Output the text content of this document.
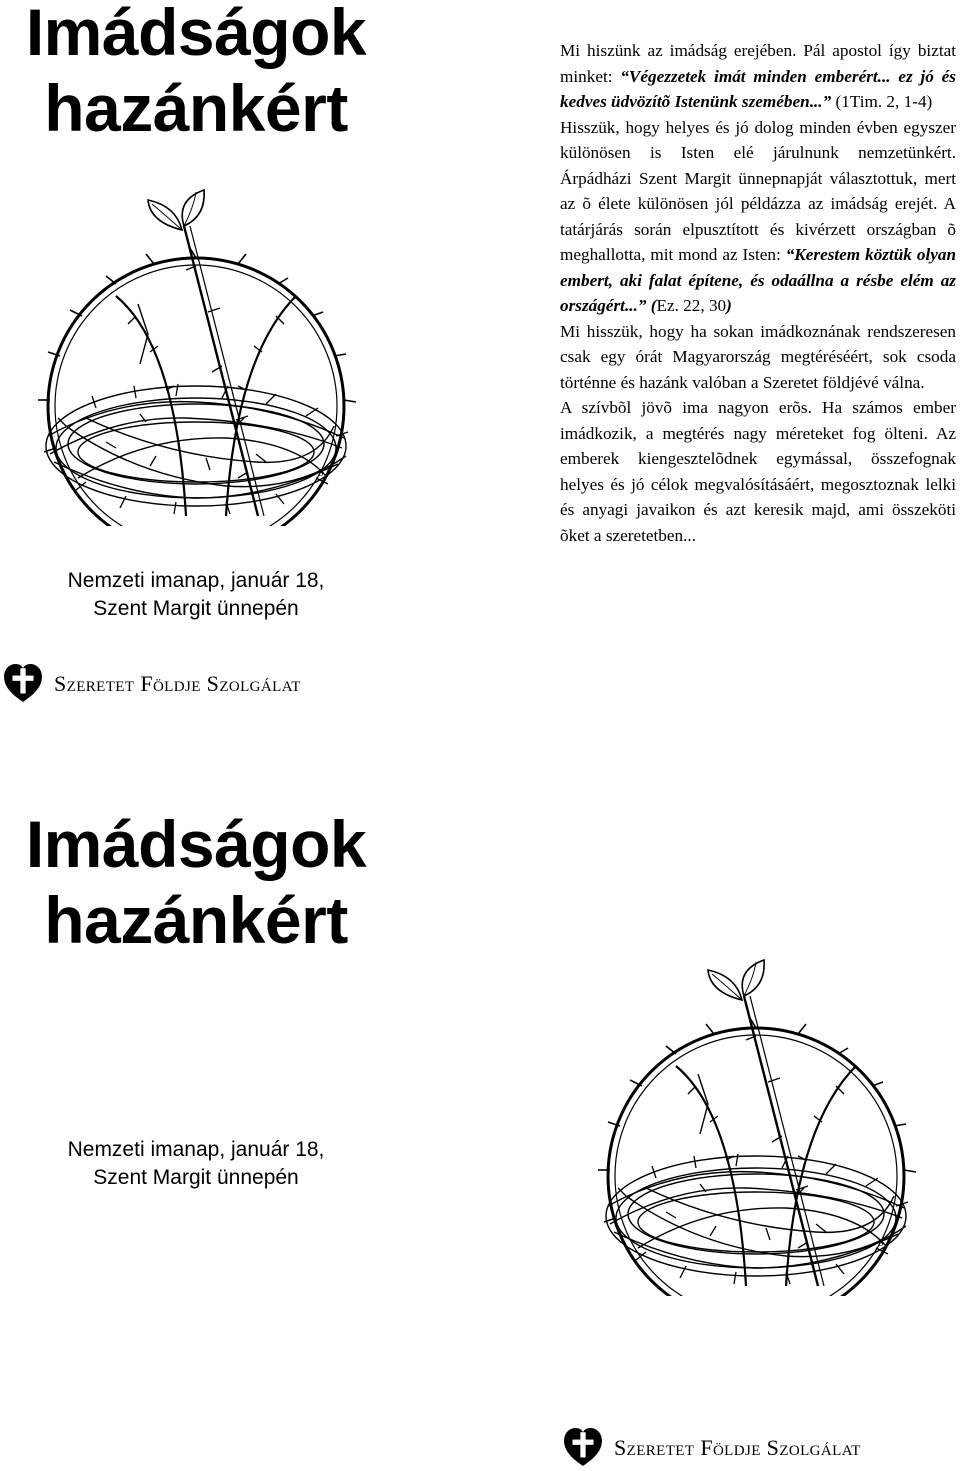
Imádságok
hazánkért
S
Nemzeti imanap, január 18,
Szent Margit ünnepén
Szeretet Földje Szolgálat

Mi hiszünk az imádság erejében. Pál apostol így biztat minket: “Végezzetek imát minden emberért... ez jó és kedves üdvözítõ Istenünk szemében...” (1Tim. 2, 1-4)

Hisszük, hogy helyes és jó dolog minden évben egyszer különösen is Isten elé járulnunk nemzetünkért. Árpádházi Szent Margit ünnepnapját választottuk, mert az õ élete különösen jól példázza az imádság erejét. A tatárjárás során elpusztított és kivérzett országban õ meghallotta, mit mond az Isten: “Kerestem köztük olyan embert, aki falat építene, és odaállna a résbe elém az országért...” (Ez. 22, 30)

Mi hisszük, hogy ha sokan imádkoznának rendszeresen csak egy órát Magyarország megtéréséért, sok csoda történne és hazánk valóban a Szeretet földjévé válna.

A szívbõl jövõ ima nagyon erõs. Ha számos ember imádkozik, a megtérés nagy méreteket fog ölteni. Az emberek kiengesztelõdnek egymással, összefognak helyes és jó célok megvalósításáért, megosztoznak lelki és anyagi javaikon és azt keresik majd, ami összeköti õket a szeretetben...

Imádságok
hazánkért
Nemzeti imanap, január 18,
Szent Margit ünnepén
S
Szeretet Földje Szolgálat
